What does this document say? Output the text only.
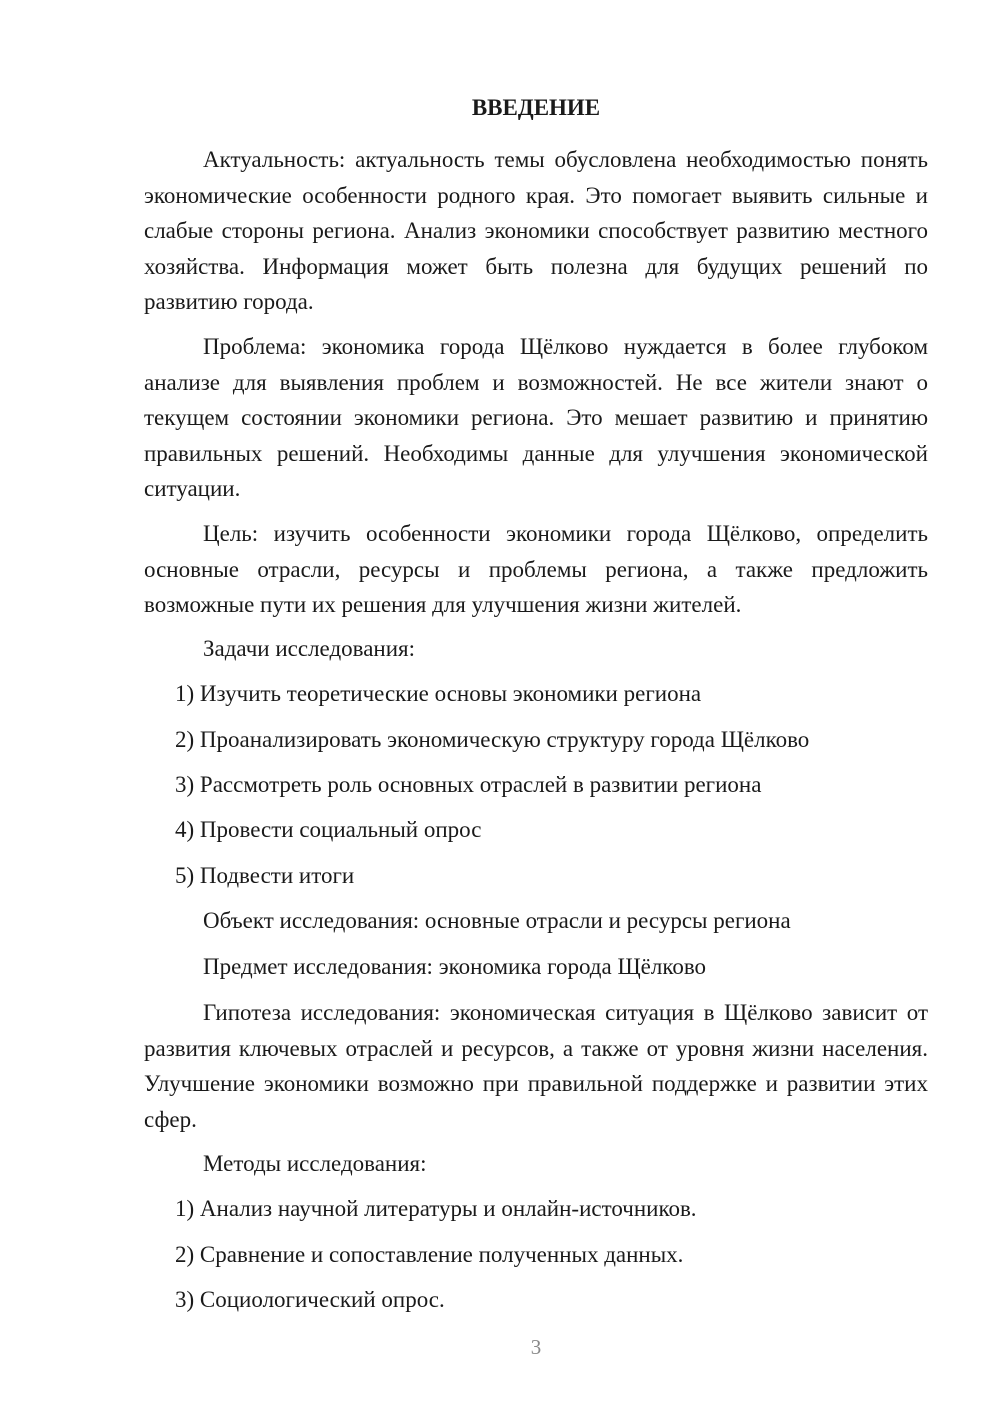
ВВЕДЕНИЕ

Актуальность: актуальность темы обусловлена необходимостью понять экономические особенности родного края. Это помогает выявить сильные и слабые стороны региона. Анализ экономики способствует развитию местного хозяйства. Информация может быть полезна для будущих решений по развитию города.

Проблема: экономика города Щёлково нуждается в более глубоком анализе для выявления проблем и возможностей. Не все жители знают о текущем состоянии экономики региона. Это мешает развитию и принятию правильных решений. Необходимы данные для улучшения экономической ситуации.

Цель: изучить особенности экономики города Щёлково, определить основные отрасли, ресурсы и проблемы региона, а также предложить возможные пути их решения для улучшения жизни жителей.

Задачи исследования:
1) Изучить теоретические основы экономики региона
2) Проанализировать экономическую структуру города Щёлково
3) Рассмотреть роль основных отраслей в развитии региона
4) Провести социальный опрос
5) Подвести итоги
Объект исследования: основные отрасли и ресурсы региона
Предмет исследования: экономика города Щёлково

Гипотеза исследования: экономическая ситуация в Щёлково зависит от развития ключевых отраслей и ресурсов, а также от уровня жизни населения. Улучшение экономики возможно при правильной поддержке и развитии этих сфер.

Методы исследования:
1) Анализ научной литературы и онлайн-источников.
2) Сравнение и сопоставление полученных данных.
3) Социологический опрос.
3
